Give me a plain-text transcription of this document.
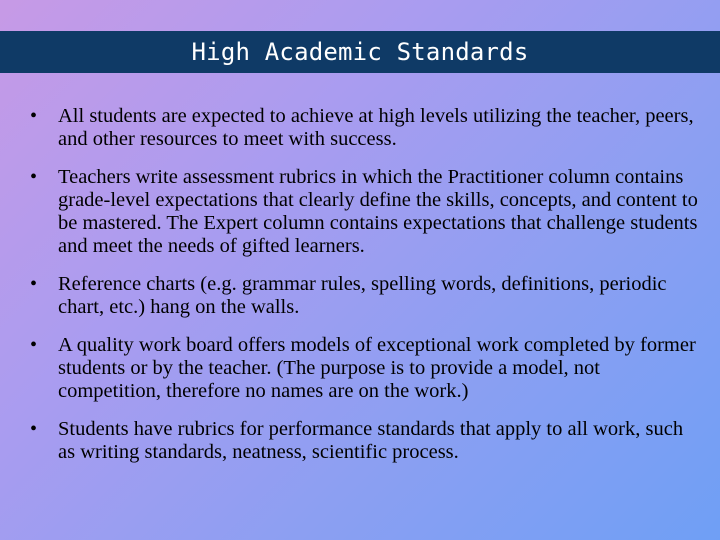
High Academic Standards
• All students are expected to achieve at high levels utilizing the teacher, peers, and other resources to meet with success.
• Teachers write assessment rubrics in which the Practitioner column contains grade-level expectations that clearly define the skills, concepts, and content to be mastered. The Expert column contains expectations that challenge students and meet the needs of gifted learners.
• Reference charts (e.g. grammar rules, spelling words, definitions, periodic chart, etc.) hang on the walls.
• A quality work board offers models of exceptional work completed by former students or by the teacher. (The purpose is to provide a model, not competition, therefore no names are on the work.)
• Students have rubrics for performance standards that apply to all work, such as writing standards, neatness, scientific process.
